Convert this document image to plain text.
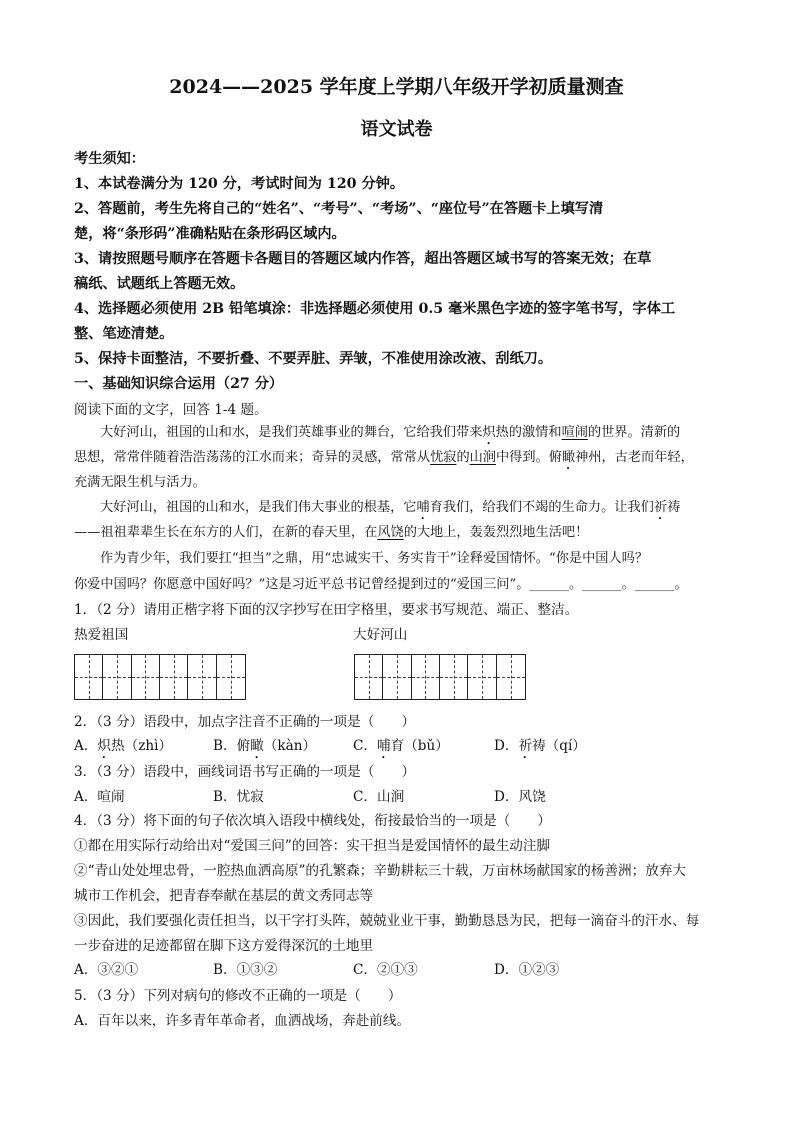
2024——2025 学年度上学期八年级开学初质量测查
语文试卷
考生须知：
1、本试卷满分为 120 分，考试时间为 120 分钟。
2、答题前，考生先将自己的“姓名”、“考号”、“考场”、“座位号”在答题卡上填写清
楚，将“条形码”准确粘贴在条形码区域内。
3、请按照题号顺序在答题卡各题目的答题区域内作答，超出答题区域书写的答案无效；在草
稿纸、试题纸上答题无效。
4、选择题必须使用 2B 铅笔填涂：非选择题必须使用 0.5 毫米黑色字迹的签字笔书写，字体工
整、笔迹清楚。
5、保持卡面整洁，不要折叠、不要弄脏、弄皱，不准使用涂改液、刮纸刀。
一、基础知识综合运用（27 分）
阅读下面的文字，回答 1-4 题。
大好河山，祖国的山和水，是我们英雄事业的舞台，它给我们带来炽热的激情和喧闹的世界。清新的
思想，常常伴随着浩浩荡荡的江水而来；奇异的灵感，常常从忧寂的山涧中得到。俯瞰神州，古老而年轻，
充满无限生机与活力。
大好河山，祖国的山和水，是我们伟大事业的根基，它哺育我们，给我们不竭的生命力。让我们祈祷
——祖祖辈辈生长在东方的人们，在新的春天里，在风饶的大地上，轰轰烈烈地生活吧！
作为青少年，我们要扛“担当”之鼎，用“忠诚实干、务实肯干”诠释爱国情怀。“你是中国人吗？
你爱中国吗？你愿意中国好吗？”这是习近平总书记曾经提到过的“爱国三问”。______。______。______。
1．（2 分）请用正楷字将下面的汉字抄写在田字格里，要求书写规范、端正、整洁。
热爱祖国	大好河山
2．（3 分）语段中，加点字注音不正确的一项是（　　）
A．炽热（zhì）	B．俯瞰（kàn）	C．哺育（bǔ）	D．祈祷（qí）
3．（3 分）语段中，画线词语书写正确的一项是（　　）
A．喧闹	B．忧寂	C．山涧	D．风饶
4．（3 分）将下面的句子依次填入语段中横线处，衔接最恰当的一项是（　　）
①都在用实际行动给出对“爱国三问”的回答：实干担当是爱国情怀的最生动注脚
②“青山处处埋忠骨，一腔热血洒高原”的孔繁森；辛勤耕耘三十载，万亩林场献国家的杨善洲；放弃大
城市工作机会，把青春奉献在基层的黄文秀同志等
③因此，我们要强化责任担当，以干字打头阵，兢兢业业干事，勤勤恳恳为民，把每一滴奋斗的汗水、每
一步奋进的足迹都留在脚下这方爱得深沉的土地里
A．③②①	B．①③②	C．②①③	D．①②③
5．（3 分）下列对病句的修改不正确的一项是（　　）
A．百年以来，许多青年革命者，血洒战场，奔赴前线。
